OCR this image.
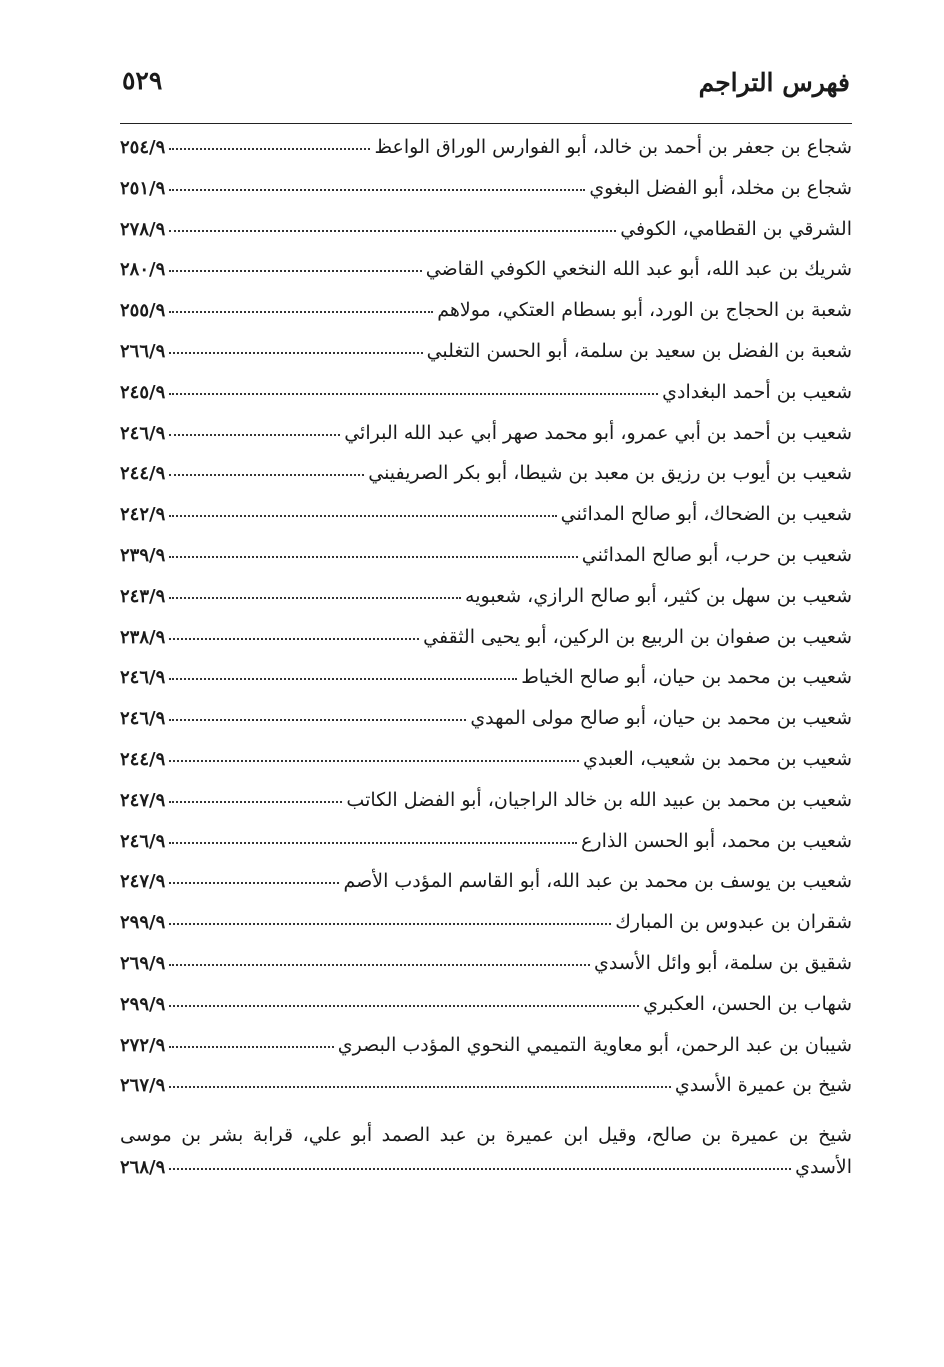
فهرس التراجم
٥٢٩
شجاع بن جعفر بن أحمد بن خالد، أبو الفوارس الوراق الواعظ
٢٥٤/٩
شجاع بن مخلد، أبو الفضل البغوي
٢٥١/٩
الشرقي بن القطامي، الكوفي
٢٧٨/٩
شريك بن عبد الله، أبو عبد الله النخعي الكوفي القاضي
٢٨٠/٩
شعبة بن الحجاج بن الورد، أبو بسطام العتكي، مولاهم
٢٥٥/٩
شعبة بن الفضل بن سعيد بن سلمة، أبو الحسن التغلبي
٢٦٦/٩
شعيب بن أحمد البغدادي
٢٤٥/٩
شعيب بن أحمد بن أبي عمرو، أبو محمد صهر أبي عبد الله البرائي
٢٤٦/٩
شعيب بن أيوب بن رزيق بن معبد بن شيطا، أبو بكر الصريفيني
٢٤٤/٩
شعيب بن الضحاك، أبو صالح المدائني
٢٤٢/٩
شعيب بن حرب، أبو صالح المدائني
٢٣٩/٩
شعيب بن سهل بن كثير، أبو صالح الرازي، شعبويه
٢٤٣/٩
شعيب بن صفوان بن الربيع بن الركين، أبو يحيى الثقفي
٢٣٨/٩
شعيب بن محمد بن حيان، أبو صالح الخياط
٢٤٦/٩
شعيب بن محمد بن حيان، أبو صالح مولى المهدي
٢٤٦/٩
شعيب بن محمد بن شعيب، العبدي
٢٤٤/٩
شعيب بن محمد بن عبيد الله بن خالد الراجيان، أبو الفضل الكاتب
٢٤٧/٩
شعيب بن محمد، أبو الحسن الذارع
٢٤٦/٩
شعيب بن يوسف بن محمد بن عبد الله، أبو القاسم المؤدب الأصم
٢٤٧/٩
شقران بن عبدوس بن المبارك
٢٩٩/٩
شقيق بن سلمة، أبو وائل الأسدي
٢٦٩/٩
شهاب بن الحسن، العكبري
٢٩٩/٩
شيبان بن عبد الرحمن، أبو معاوية التميمي النحوي المؤدب البصري
٢٧٢/٩
شيخ بن عميرة الأسدي
٢٦٧/٩
شيخ بن عميرة بن صالح، وقيل ابن عميرة بن عبد الصمد أبو علي، قرابة بشر بن موسى
الأسدي
٢٦٨/٩
